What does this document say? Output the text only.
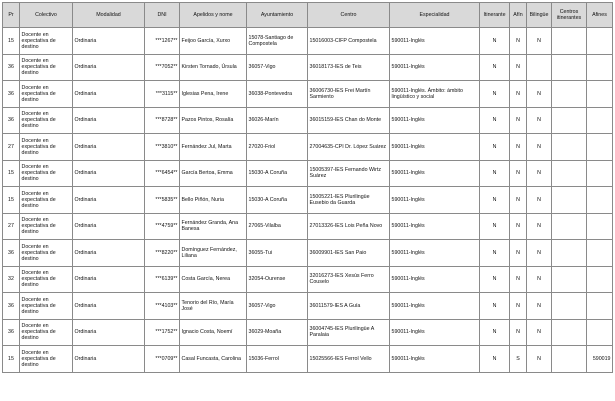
Pr	Colectivo	Modalidad	DNI	Apelidos y nome	Ayuntamiento	Centro	Especialidad	Itinerante	Afín	Bilingüe	Centros itinerantes	Afines
15	Docente en expectativa de destino	Ordinaria	***1267**	Feijoo García, Xurxo	15078-Santiago de Compostela	15016003-CIFP Compostela	590011-Inglés	N	N	N		
36	Docente en expectativa de destino	Ordinaria	***7052**	Kirsten Tornado, Úrsula	36057-Vigo	36018173-IES de Teis	590011-Inglés	N	N			
36	Docente en expectativa de destino	Ordinaria	***3115**	Iglesias Pena, Irene	36038-Pontevedra	36006730-IES Frei Martín Sarmiento	590011-Inglés. Ámbito: ámbito lingüístico y social	N	N	N		
36	Docente en expectativa de destino	Ordinaria	***8728**	Pazos Pintos, Rosalía	36026-Marín	36015159-IES Chan do Monte	590011-Inglés	N	N	N		
27	Docente en expectativa de destino	Ordinaria	***3810**	Fernández Jul, Marta	27020-Friol	27004635-CPI Dr. López Suárez	590011-Inglés	N	N	N		
15	Docente en expectativa de destino	Ordinaria	***6454**	García Bertoa, Emma	15030-A Coruña	15005397-IES Fernando Wirtz Suárez	590011-Inglés	N	N	N		
15	Docente en expectativa de destino	Ordinaria	***5835**	Bello Piñón, Nuria	15030-A Coruña	15005221-IES Plurilingüe Eusebio da Guarda	590011-Inglés	N	N	N		
27	Docente en expectativa de destino	Ordinaria	***4759**	Fernández Granda, Ana Banesa	27065-Vilalba	27013326-IES Lois Peña Novo	590011-Inglés	N	N	N		
36	Docente en expectativa de destino	Ordinaria	***8220**	Domínguez Fernández, Liliana	36055-Tui	36009901-IES San Paio	590011-Inglés	N	N	N		
32	Docente en expectativa de destino	Ordinaria	***6139**	Costa García, Nerea	32054-Ourense	32016273-IES Xesús Ferro Couselo	590011-Inglés	N	N	N		
36	Docente en expectativa de destino	Ordinaria	***4103**	Tenorio del Río, María José	36057-Vigo	36011579-IES A Guía	590011-Inglés	N	N	N		
36	Docente en expectativa de destino	Ordinaria	***1752**	Ignacio Costa, Noemí	36029-Moaña	36004745-IES Plurilingüe A Paralaia	590011-Inglés	N	N	N		
15	Docente en expectativa de destino	Ordinaria	***0709**	Casal Funcasta, Carolina	15036-Ferrol	15025566-IES Ferrol Vello	590011-Inglés	N	S	N		590019
